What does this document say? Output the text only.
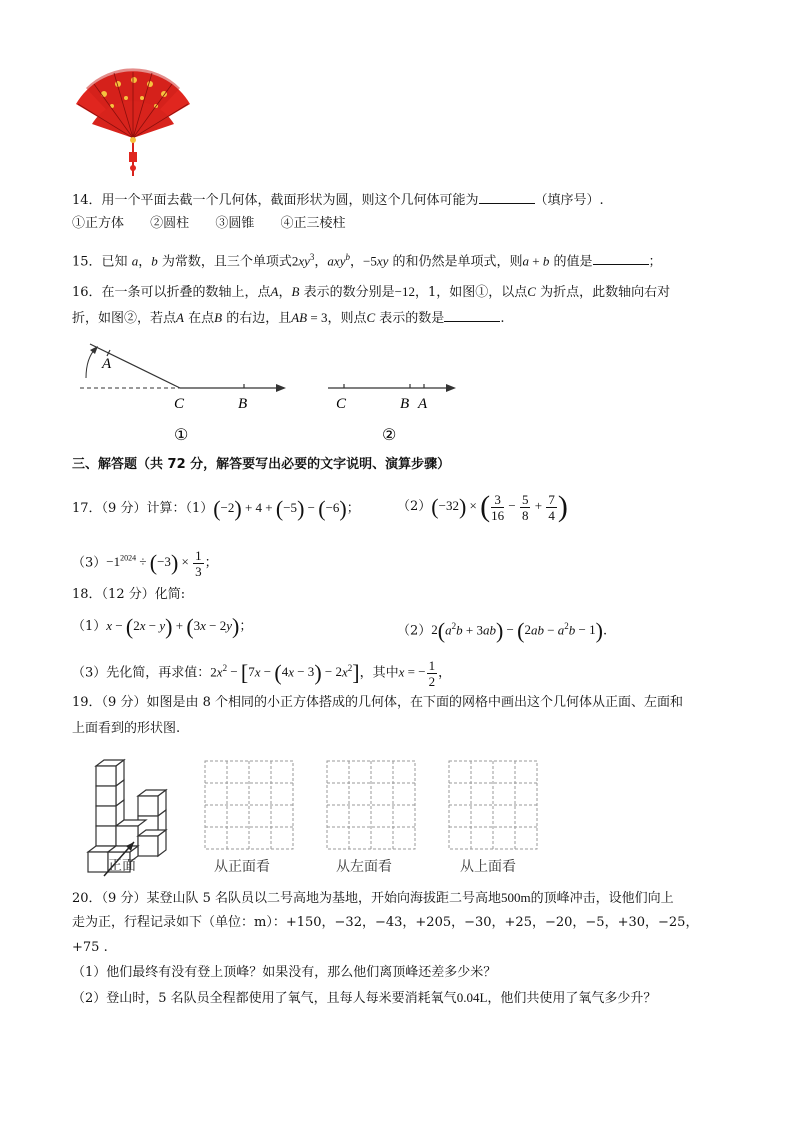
14．用一个平面去截一个几何体，截面形状为圆，则这个几何体可能为	（填序号）.
①正方体 ②圆柱 ③圆锥 ④正三棱柱
15．已知 a，b 为常数，且三个单项式$2xy^3$，axy$^b$，−5xy 的和仍然是单项式，则a + b 的值是	；
16．在一条可以折叠的数轴上，点A，B 表示的数分别是−12，1，如图①，以点C 为折点，此数轴向右对
折，如图②，若点A 在点B 的右边，且AB = 3，则点C 表示的数是	.
A
C	B
①
C	B A
②
三、解答题（共 72 分，解答要写出必要的文字说明、演算步骤）
17．（9 分）计算：（1）(−2) + 4 + (−5) − (−6)；	（2）(−32) × ( $\frac{3}{16} - \frac{5}{8} + \frac{7}{4}$ )
$(3)-1^{2024} \div (-3) \times \frac{1}{3}$ ；
18．（12 分）化简:
（1）x − (2x − y) + (3x − 2y)；	$(2)2(a^2b + 3ab) - (2ab - a^2b - 1)$.
（3）先化简，再求值：$2x^2 - [7x - (4x - 3) - 2x^2]$，其中x = − $\frac{1}{2}$ ，
19．（9 分）如图是由 8 个相同的小正方体搭成的几何体，在下面的网格中画出这个几何体从正面、左面和
上面看到的形状图.
正面	从正面看	从左面看	从上面看
20．（9 分）某登山队 5 名队员以二号高地为基地，开始向海拔距二号高地500m的顶峰冲击，设他们向上
走为正，行程记录如下（单位：m）：+150，−32，−43，+205，−30，+25，−20，−5，+30，−25，
+75 .
（1）他们最终有没有登上顶峰？如果没有，那么他们离顶峰还差多少米？
（2）登山时，5 名队员全程都使用了氧气，且每人每米要消耗氧气0.04L，他们共使用了氧气多少升？
